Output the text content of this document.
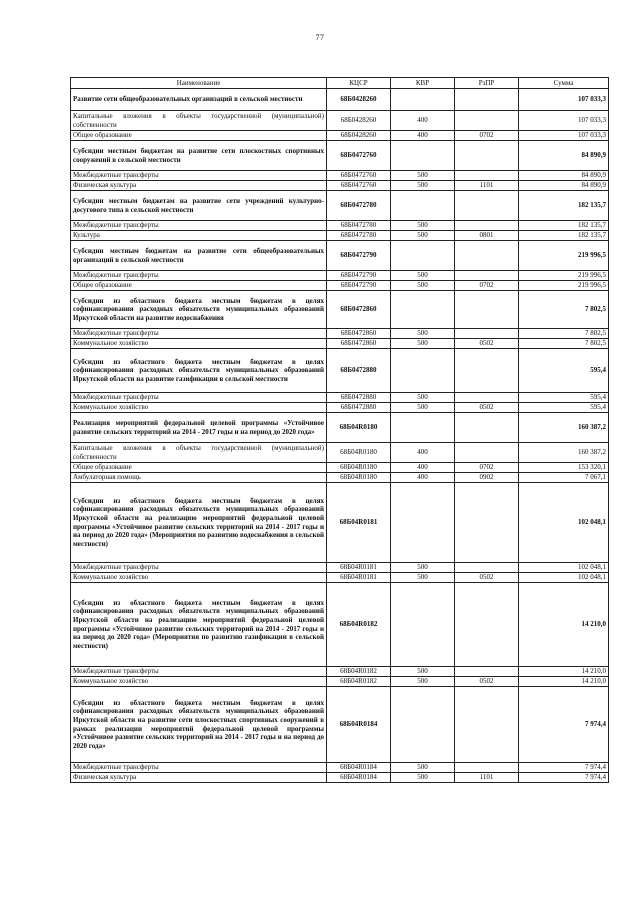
77
Наименование	КЦСР	КВР	РзПР	Сумма
Развитие сети общеобразовательных организаций в сельской местности	68Б0428260			107 033,3
Капитальные вложения в объекты государственной (муниципальной) собственности	68Б0428260	400		107 033,3
Общее образование	68Б0428260	400	0702	107 033,3
Субсидии местным бюджетам на развитие сети плоскостных спортивных сооружений в сельской местности	68Б0472760			84 890,9
Межбюджетные трансферты	68Б0472760	500		84 890,9
Физическая культура	68Б0472760	500	1101	84 890,9
Субсидии местным бюджетам на развитие сети учреждений культурно-досугового типа в сельской местности	68Б0472780			182 135,7
Межбюджетные трансферты	68Б0472780	500		182 135,7
Культура	68Б0472780	500	0801	182 135,7
Субсидии местным бюджетам на развитие сети общеобразовательных организаций в сельской местности	68Б0472790			219 996,5
Межбюджетные трансферты	68Б0472790	500		219 996,5
Общее образование	68Б0472790	500	0702	219 996,5
Субсидии из областного бюджета местным бюджетам в целях софинансирования расходных обязательств муниципальных образований Иркутской области на развитие водоснабжения	68Б0472860			7 802,5
Межбюджетные трансферты	68Б0472860	500		7 802,5
Коммунальное хозяйство	68Б0472860	500	0502	7 802,5
Субсидии из областного бюджета местным бюджетам в целях софинансирования расходных обязательств муниципальных образований Иркутской области на развитие газификации в сельской местности	68Б0472880			595,4
Межбюджетные трансферты	68Б0472880	500		595,4
Коммунальное хозяйство	68Б0472880	500	0502	595,4
Реализация мероприятий федеральной целевой программы «Устойчивое развитие сельских территорий на 2014 - 2017 годы и на период до 2020 года»	68Б04R0180			160 387,2
Капитальные вложения в объекты государственной (муниципальной) собственности	68Б04R0180	400		160 387,2
Общее образование	68Б04R0180	400	0702	153 320,1
Амбулаторная помощь	68Б04R0180	400	0902	7 067,1
Субсидии из областного бюджета местным бюджетам в целях софинансирования расходных обязательств муниципальных образований Иркутской области на реализацию мероприятий федеральной целевой программы «Устойчивое развитие сельских территорий на 2014 - 2017 годы и на период до 2020 года» (Мероприятия по развитию водоснабжения в сельской местности)	68Б04R0181			102 048,1
Межбюджетные трансферты	68Б04R0181	500		102 048,1
Коммунальное хозяйство	68Б04R0181	500	0502	102 048,1
Субсидии из областного бюджета местным бюджетам в целях софинансирования расходных обязательств муниципальных образований Иркутской области на реализацию мероприятий федеральной целевой программы «Устойчивое развитие сельских территорий на 2014 - 2017 годы и на период до 2020 года» (Мероприятия по развитию газификации в сельской местности)	68Б04R0182			14 210,0
Межбюджетные трансферты	68Б04R0182	500		14 210,0
Коммунальное хозяйство	68Б04R0182	500	0502	14 210,0
Субсидии из областного бюджета местным бюджетам в целях софинансирования расходных обязательств муниципальных образований Иркутской области на развитие сети плоскостных спортивных сооружений в рамках реализации мероприятий федеральной целевой программы «Устойчивое развитие сельских территорий на 2014 - 2017 годы и на период до 2020 года»	68Б04R0184			7 974,4
Межбюджетные трансферты	68Б04R0184	500		7 974,4
Физическая культура	68Б04R0184	500	1101	7 974,4
